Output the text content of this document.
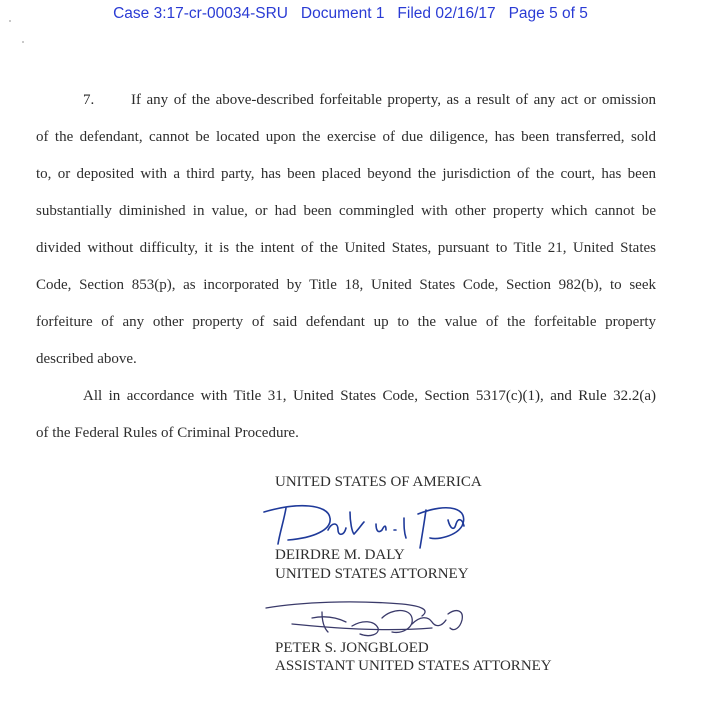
Case 3:17-cr-00034-SRU Document 1 Filed 02/16/17 Page 5 of 5
7. If any of the above-described forfeitable property, as a result of any act or omission
of the defendant, cannot be located upon the exercise of due diligence, has been transferred, sold
to, or deposited with a third party, has been placed beyond the jurisdiction of the court, has been
substantially diminished in value, or had been commingled with other property which cannot be
divided without difficulty, it is the intent of the United States, pursuant to Title 21, United States
Code, Section 853(p), as incorporated by Title 18, United States Code, Section 982(b), to seek
forfeiture of any other property of said defendant up to the value of the forfeitable property
described above.
All in accordance with Title 31, United States Code, Section 5317(c)(1), and Rule 32.2(a)
of the Federal Rules of Criminal Procedure.
UNITED STATES OF AMERICA
DEIRDRE M. DALY
UNITED STATES ATTORNEY
PETER S. JONGBLOED
ASSISTANT UNITED STATES ATTORNEY
